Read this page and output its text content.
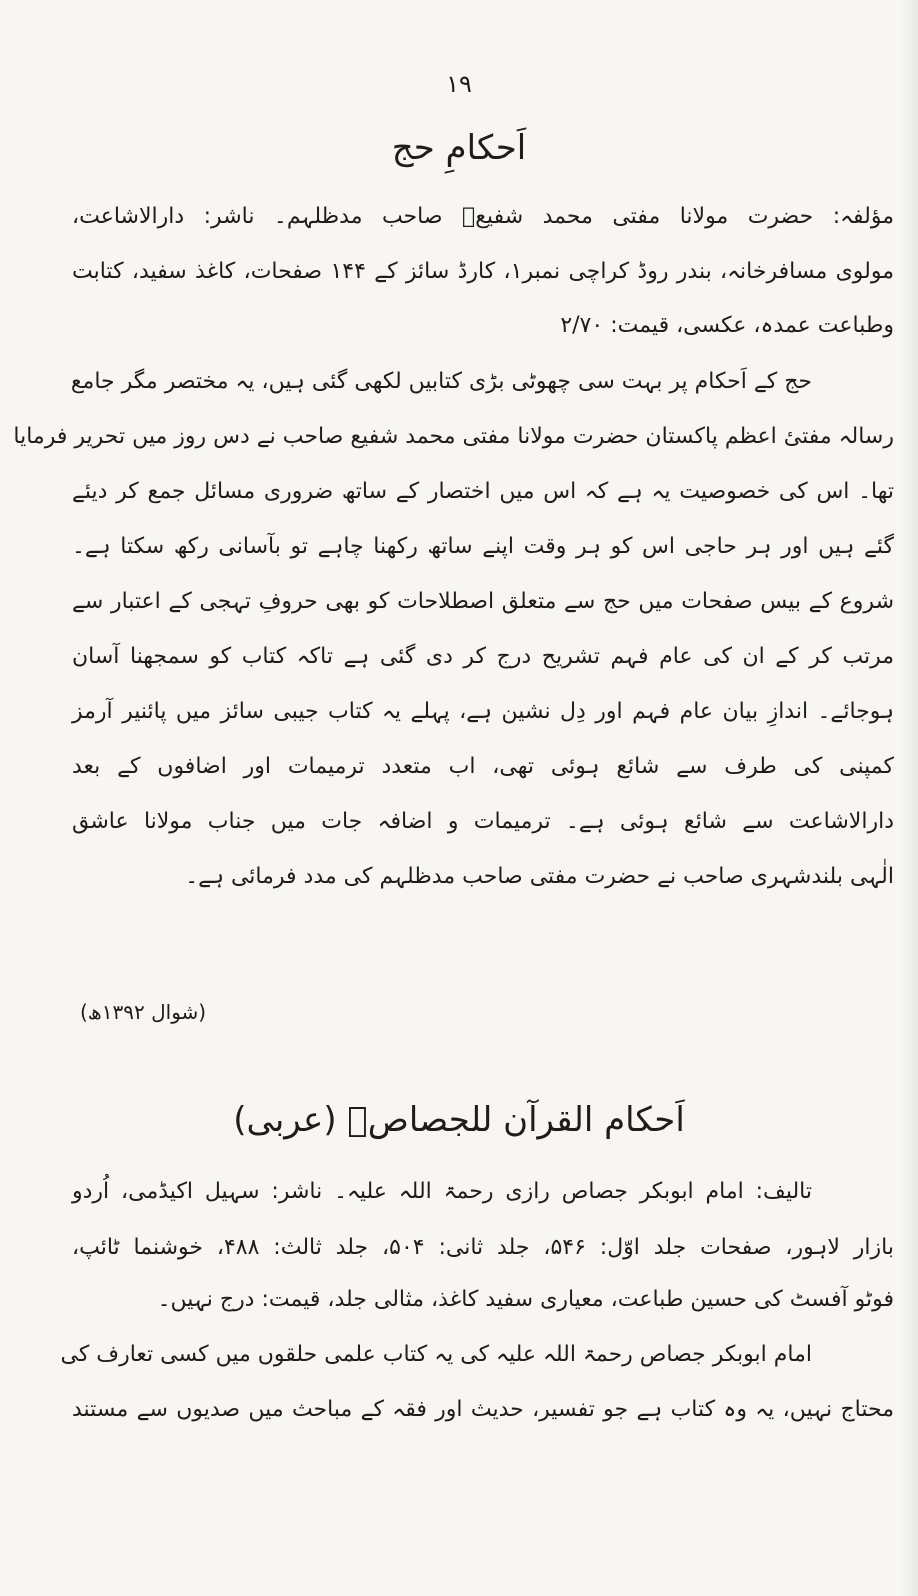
١٩
اَحکامِ حج
مؤلفہ: حضرت مولانا مفتی محمد شفیعؒ صاحب مدظلہم۔ ناشر: دارالاشاعت،
مولوی مسافرخانہ، بندر روڈ کراچی نمبر۱، کارڈ سائز کے ۱۴۴ صفحات، کاغذ سفید، کتابت
وطباعت عمدہ، عکسی، قیمت: ۲/۷۰
حج کے اَحکام پر بہت سی چھوٹی بڑی کتابیں لکھی گئی ہیں، یہ مختصر مگر جامع
رسالہ مفتیٔ اعظم پاکستان حضرت مولانا مفتی محمد شفیع صاحب نے دس روز میں تحریر فرمایا
تھا۔ اس کی خصوصیت یہ ہے کہ اس میں اختصار کے ساتھ ضروری مسائل جمع کر دیئے
گئے ہیں اور ہر حاجی اس کو ہر وقت اپنے ساتھ رکھنا چاہے تو بآسانی رکھ سکتا ہے۔
شروع کے بیس صفحات میں حج سے متعلق اصطلاحات کو بھی حروفِ تہجی کے اعتبار سے
مرتب کر کے ان کی عام فہم تشریح درج کر دی گئی ہے تاکہ کتاب کو سمجھنا آسان
ہوجائے۔ اندازِ بیان عام فہم اور دِل نشین ہے، پہلے یہ کتاب جیبی سائز میں پائنیر آرمز
کمپنی کی طرف سے شائع ہوئی تھی، اب متعدد ترمیمات اور اضافوں کے بعد
دارالاشاعت سے شائع ہوئی ہے۔ ترمیمات و اضافہ جات میں جناب مولانا عاشق
الٰہی بلندشہری صاحب نے حضرت مفتی صاحب مدظلہم کی مدد فرمائی ہے۔
(شوال ۱۳۹۲ھ)
اَحکام القرآن للجصاصؒ (عربی)
تالیف: امام ابوبکر جصاص رازی رحمۃ اللہ علیہ۔ ناشر: سہیل اکیڈمی، اُردو
بازار لاہور، صفحات جلد اوّل: ۵۴۶، جلد ثانی: ۵۰۴، جلد ثالث: ۴۸۸، خوشنما ٹائپ،
فوٹو آفسٹ کی حسین طباعت، معیاری سفید کاغذ، مثالی جلد، قیمت: درج نہیں۔
امام ابوبکر جصاص رحمۃ اللہ علیہ کی یہ کتاب علمی حلقوں میں کسی تعارف کی
محتاج نہیں، یہ وہ کتاب ہے جو تفسیر، حدیث اور فقہ کے مباحث میں صدیوں سے مستند
